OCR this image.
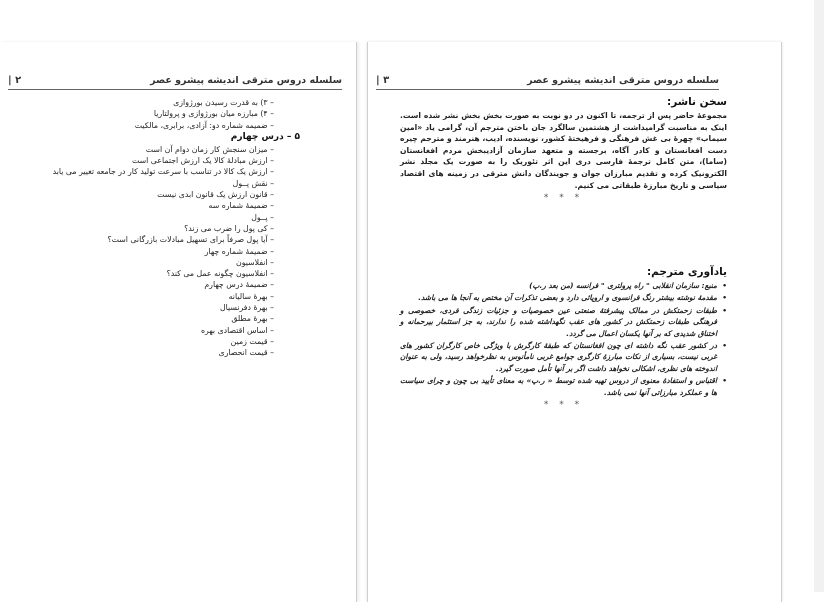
سلسله دروس مترقی اندیشه پیشرو عصر
۲ |
– ۳) به قدرت رسیدن بورژوازی
– ۴) مبارزه میان بورژوازی و پرولتاریا
– ضمیمه شماره دو: آزادی، برابری، مالکیت
۵ – درس چهارم
– میزان سنجش کار زمان دوام آن است
– ارزش مبادلهٔ کالا یک ارزش اجتماعی است
– ارزش یک کالا در تناسب با سرعت تولید کار در جامعه تغییر می یابد
– نقش پــول
– قانون ارزش یک قانون ابدی نیست
– ضمیمهٔ شماره سه
– پــول
– کی پول را ضرب می زند؟
– آیا پول صرفاً برای تسهیل مبادلات بازرگانی است؟
– ضمیمهٔ شماره چهار
– انفلاسیون
– انفلاسیون چگونه عمل می کند؟
– ضمیمهٔ درس چهارم
– بهرهٔ سالیانه
– بهرهٔ دفرنسیال
– بهرهٔ مطلق
– اساس اقتصادی بهره
– قیمت زمین
– قیمت انحصاری
سلسله دروس مترقی اندیشه پیشرو عصر
۳ |
سخن ناشر:

مجموعهٔ حاضر پس از ترجمه، تا اکنون در دو نوبت به صورت بخش بخش نشر شده است. اینک به مناسبت گرامیداشت از هشتمین سالگرد جان باختن مترجم آن، گرامی یاد «امین سیماب» چهرهٔ بی غش فرهنگی و فرهیختهٔ کشور، نویسنده، ادیب، هنرمند و مترجم چیره دست افغانستان و کادر آگاه، برجسته و متعهد سازمان آزادیبخش مردم افغانستان (ساما)، متن کامل ترجمهٔ فارسی دری این اثر تئوریک را به صورت یک مجلد نشر الکترونیک کرده و تقدیم مبارزان جوان و جویندگان دانش مترقی در زمینه های اقتصاد سیاسی و تاریخ مبارزهٔ طبقاتی می کنیم.

* * *
یادآوری مترجم:
•
منبع: سازمان انقلابی " راه پرولتری " فرانسه (من بعد ر.پ)
•
مقدمهٔ نوشته بیشتر رنگ فرانسوی و اروپائی دارد و بعضی تذکرات آن مختص به آنجا ها می باشد.
•
طبقات زحمتکش در ممالک پیشرفتهٔ صنعتی عین خصوصیات و جزئیات زندگی فردی، خصوصی و فرهنگی طبقات زحمتکش در کشور های عقب نگهداشته شده را ندارند، به جز استثمار بیرحمانه و اختناق شدیدی که بر آنها یکسان اعمال می گردد.
•
در کشور عقب نگه داشته ای چون افغانستان که طبقهٔ کارگرش با ویژگی خاص کارگران کشور های غربی نیست، بسیاری از نکات مبارزهٔ کارگری جوامع غربی نامأنوس به نظرخواهد رسید، ولی به عنوان اندوخته های نظری، اشکالی نخواهد داشت اگر بر آنها تأمل صورت گیرد.
•
اقتباس و استفادهٔ معنوی از دروس تهیه شده توسط « ر.پ» به معنای تأیید بی چون و چرای سیاست ها و عملکرد مبارزاتی آنها نمی باشد.
* * *
